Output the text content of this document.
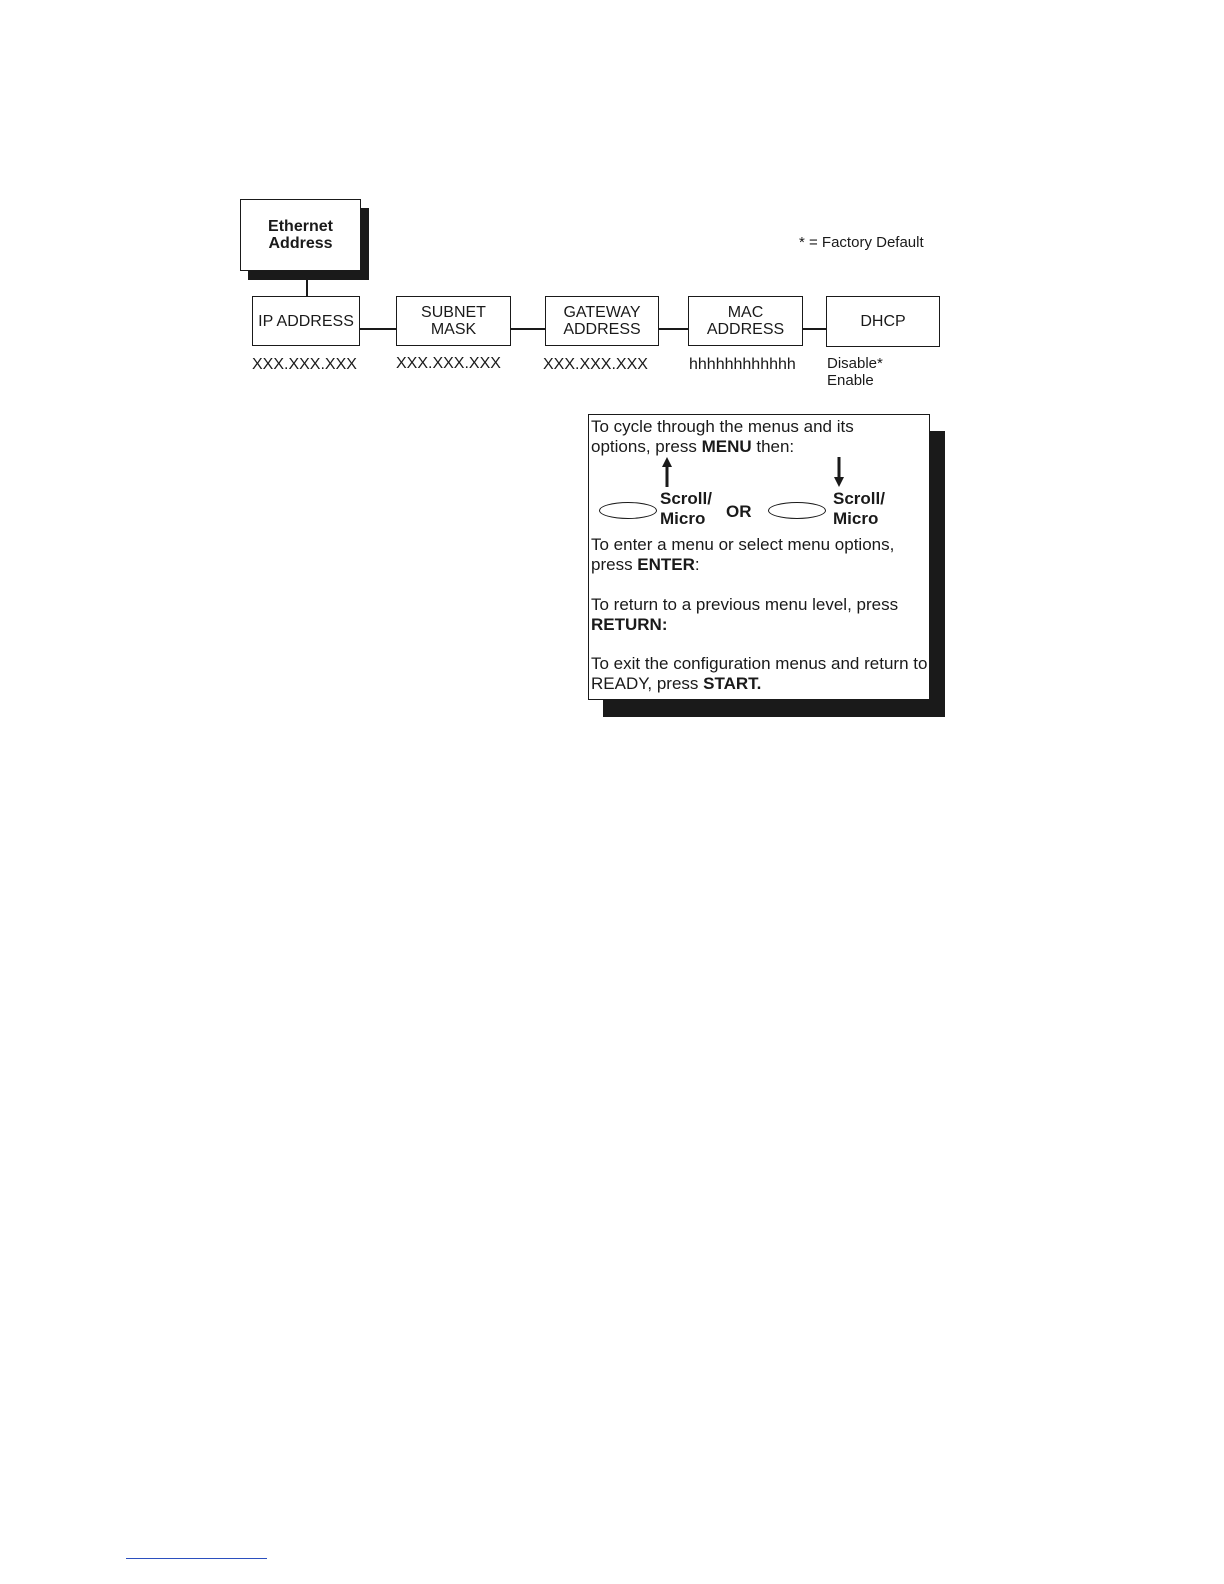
Ethernet
Address	* = Factory Default
IP ADDRESS	SUBNET
MASK
GATEWAY
ADDRESS
MAC
ADDRESS	DHCP
XXX.XXX.XXX XXX.XXX.XXX	XXX.XXX.XXX	hhhhhhhhhhhh Disable*
Enable

To cycle through the menus and its options, press MENU then:

To enter a menu or select menu options, press ENTER:

To return to a previous menu level, press RETURN:

To exit the configuration menus and return to READY, press START.

Scroll/
Micro	OR
Scroll/
Micro
